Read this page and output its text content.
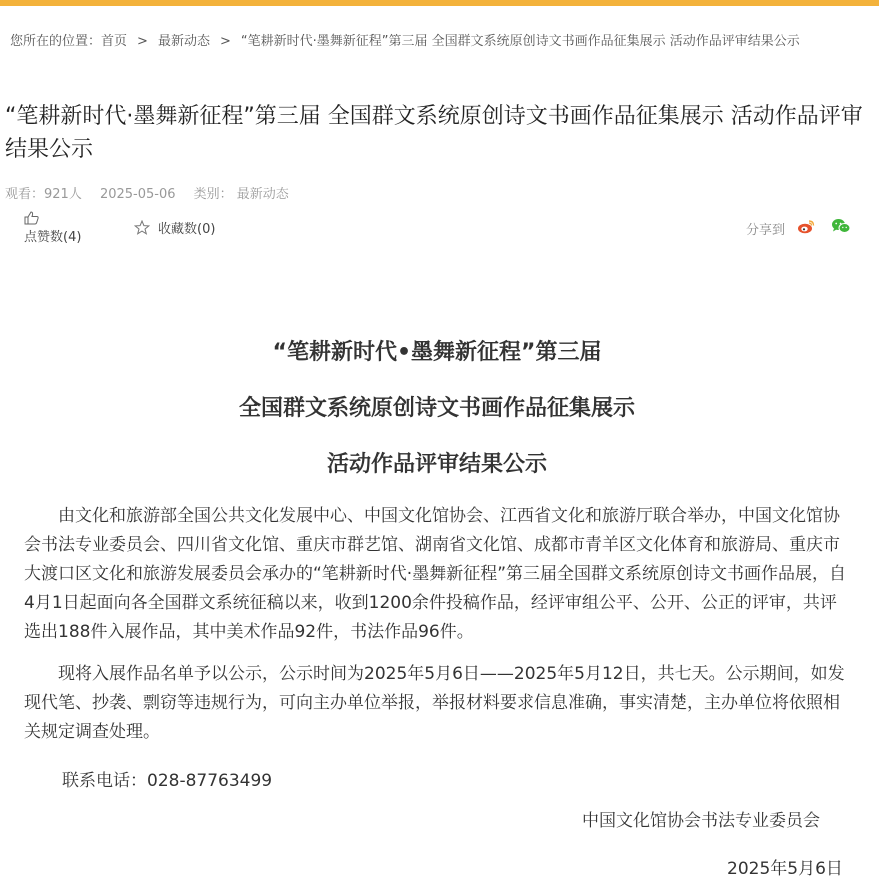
您所在的位置：首页 > 最新动态 > “笔耕新时代·墨舞新征程”第三届 全国群文系统原创诗文书画作品征集展示 活动作品评审结果公示
“笔耕新时代·墨舞新征程”第三届 全国群文系统原创诗文书画作品征集展示 活动作品评审结果公示
观看：921人 2025-05-06 类别： 最新动态
点赞数(4)
收藏数(0)	分享到

“笔耕新时代•墨舞新征程”第三届

全国群文系统原创诗文书画作品征集展示

活动作品评审结果公示

由文化和旅游部全国公共文化发展中心、中国文化馆协会、江西省文化和旅游厅联合举办，中国文化馆协会书法专业委员会、四川省文化馆、重庆市群艺馆、湖南省文化馆、成都市青羊区文化体育和旅游局、重庆市大渡口区文化和旅游发展委员会承办的“笔耕新时代·墨舞新征程”第三届全国群文系统原创诗文书画作品展，自4月1日起面向各全国群文系统征稿以来，收到1200余件投稿作品，经评审组公平、公开、公正的评审，共评选出188件入展作品，其中美术作品92件，书法作品96件。

现将入展作品名单予以公示，公示时间为2025年5月6日——2025年5月12日，共七天。公示期间，如发现代笔、抄袭、剽窃等违规行为，可向主办单位举报，举报材料要求信息准确，事实清楚，主办单位将依照相关规定调查处理。

联系电话：028-87763499

中国文化馆协会书法专业委员会
2025年5月6日
